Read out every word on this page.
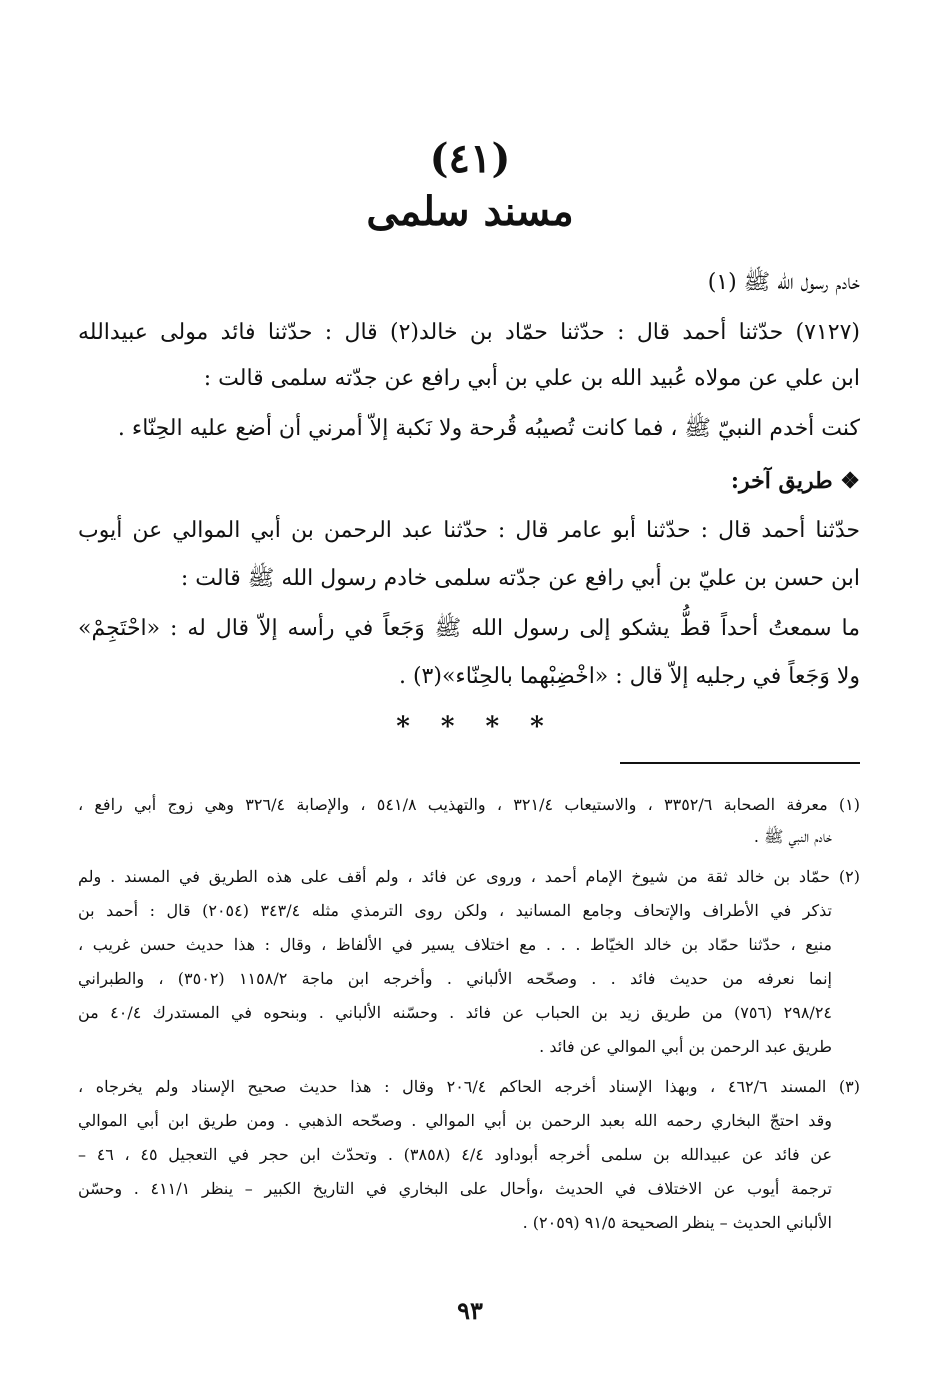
(٤١)
مسند سلمى
خادم رسول الله ﷺ (١)
(٧١٢٧) حدّثنا أحمد قال : حدّثنا حمّاد بن خالد(٢) قال : حدّثنا فائد مولى عبيدالله
ابن علي عن مولاه عُبيد الله بن علي بن أبي رافع عن جدّته سلمى قالت :
كنت أخدم النبيّ ﷺ ، فما كانت تُصيبُه قُرحة ولا نَكبة إلاّ أمرني أن أضع عليه الحِنّاء .
❖ طريق آخر:
حدّثنا أحمد قال : حدّثنا أبو عامر قال : حدّثنا عبد الرحمن بن أبي الموالي عن أيوب
ابن حسن بن عليّ بن أبي رافع عن جدّته سلمى خادم رسول الله ﷺ قالت :
ما سمعتُ أحداً قطُّ يشكو إلى رسول الله ﷺ وَجَعاً في رأسه إلاّ قال له : «احْتَجِمْ»
ولا وَجَعاً في رجليه إلاّ قال : «اخْضِبْهما بالحِنّاء»(٣) .
* * * *
(١) معرفة الصحابة ٣٣٥٢/٦ ، والاستيعاب ٣٢١/٤ ، والتهذيب ٥٤١/٨ ، والإصابة ٣٢٦/٤ وهي زوج أبي رافع ،
خادم النبي ﷺ .
(٢) حمّاد بن خالد ثقة من شيوخ الإمام أحمد ، وروى عن فائد ، ولم أقف على هذه الطريق في المسند . ولم
تذكر في الأطراف والإتحاف وجامع المسانيد ، ولكن روى الترمذي مثله ٣٤٣/٤ (٢٠٥٤) قال : أحمد بن
منيع ، حدّثنا حمّاد بن خالد الخيّاط . . . مع اختلاف يسير في الألفاظ ، وقال : هذا حديث حسن غريب ،
إنما نعرفه من حديث فائد . . وصحّحه الألباني . وأخرجه ابن ماجة ١١٥٨/٢ (٣٥٠٢) ، والطبراني
٢٩٨/٢٤ (٧٥٦) من طريق زيد بن الحباب عن فائد . وحسّنه الألباني . وبنحوه في المستدرك ٤٠/٤ من
طريق عبد الرحمن بن أبي الموالي عن فائد .
(٣) المسند ٤٦٢/٦ ، وبهذا الإسناد أخرجه الحاكم ٢٠٦/٤ وقال : هذا حديث صحيح الإسناد ولم يخرجاه ،
وقد احتجّ البخاري رحمه الله بعبد الرحمن بن أبي الموالي . وصحّحه الذهبي . ومن طريق ابن أبي الموالي
عن فائد عن عبيدالله بن سلمى أخرجه أبوداود ٤/٤ (٣٨٥٨) . وتحدّث ابن حجر في التعجيل ٤٥ ، ٤٦ –
ترجمة أيوب عن الاختلاف في الحديث ،وأحال على البخاري في التاريخ الكبير – ينظر ٤١١/١ . وحسّن
الألباني الحديث – ينظر الصحيحة ٩١/٥ (٢٠٥٩) .
٩٣
